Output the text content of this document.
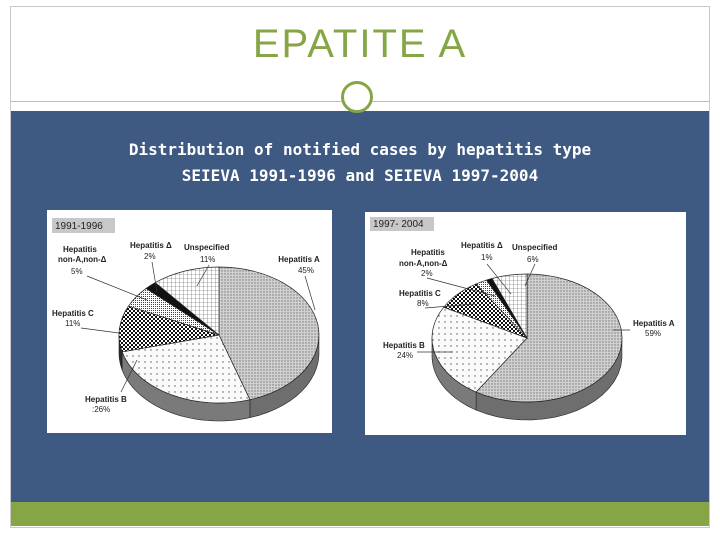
EPATITE A
Distribution of notified cases by hepatitis type
SEIEVA 1991-1996 and SEIEVA 1997-2004
1991-1996
Hepatitis A
45%
Hepatitis B
:26%
Hepatitis C
11%
Hepatitis
non-A,non-Δ
5%
Hepatitis Δ
2%
Unspecified
11%
1997- 2004
Hepatitis A
59%
Hepatitis B
24%
Hepatitis C
8%
Hepatitis
non-A,non-Δ
2%
Hepatitis Δ
1%
Unspecified
6%
